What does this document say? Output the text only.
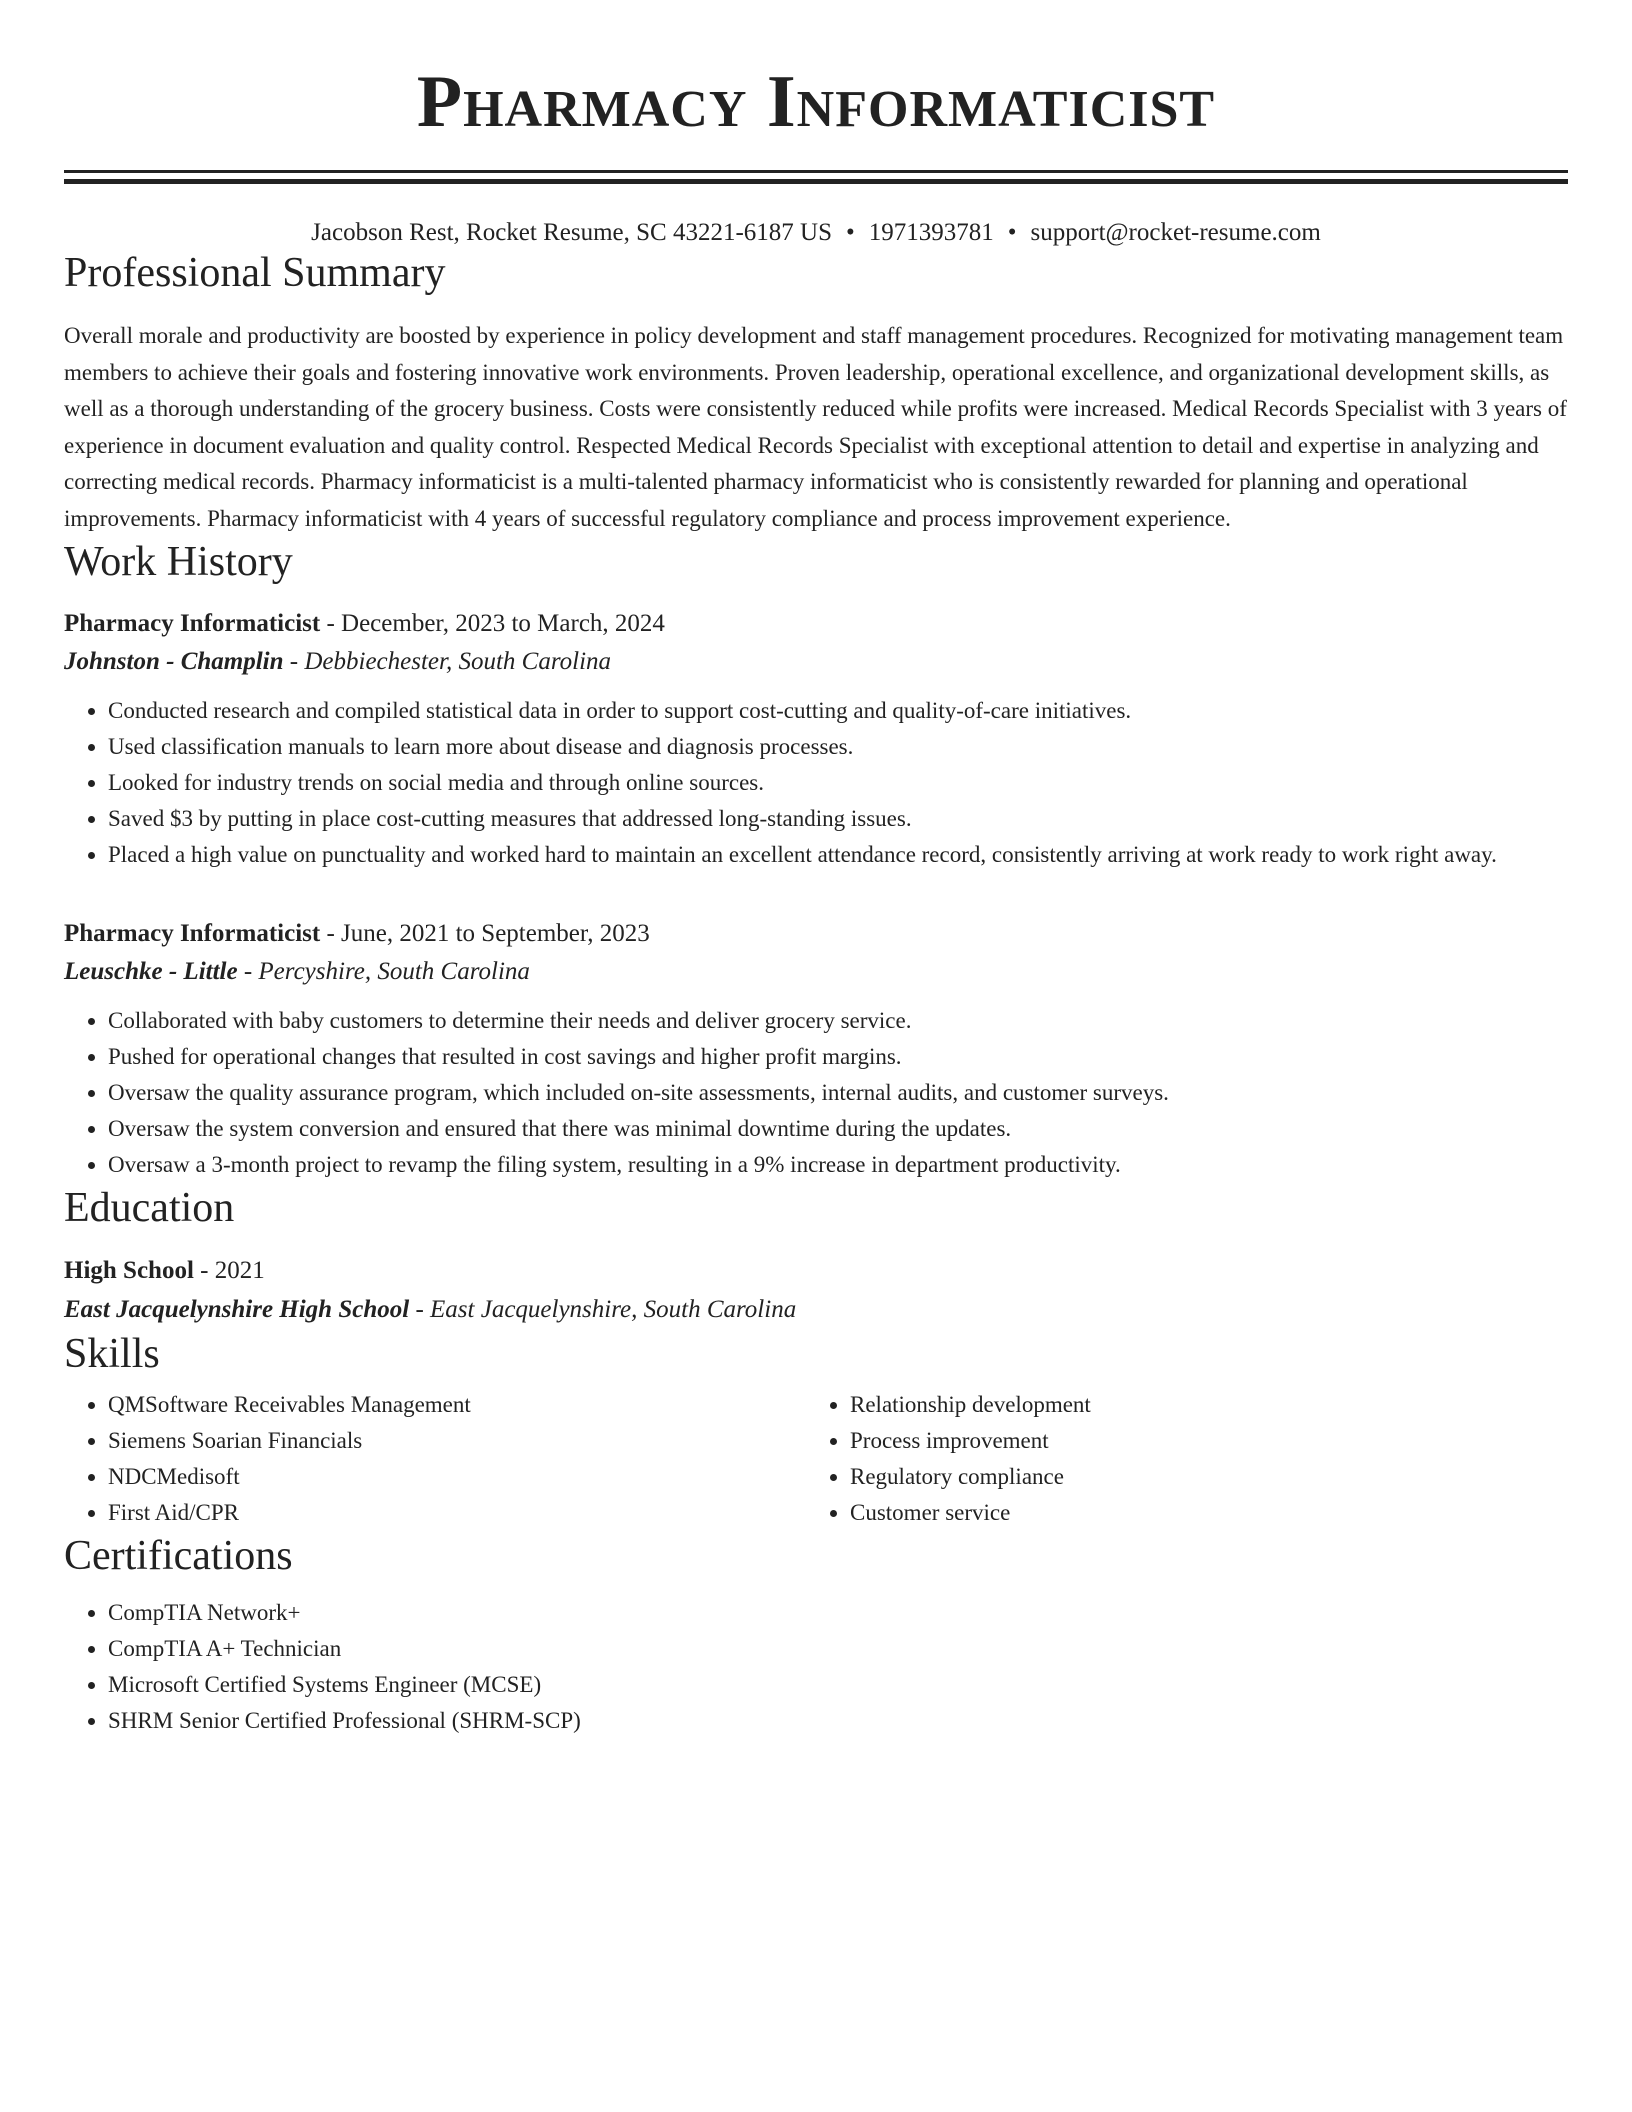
Pharmacy Informaticist
Jacobson Rest, Rocket Resume, SC 43221-6187 US • 1971393781 • support@rocket-resume.com
Professional Summary
Overall morale and productivity are boosted by experience in policy development and staff management procedures. Recognized for motivating management team members to achieve their goals and fostering innovative work environments. Proven leadership, operational excellence, and organizational development skills, as well as a thorough understanding of the grocery business. Costs were consistently reduced while profits were increased. Medical Records Specialist with 3 years of experience in document evaluation and quality control. Respected Medical Records Specialist with exceptional attention to detail and expertise in analyzing and correcting medical records. Pharmacy informaticist is a multi-talented pharmacy informaticist who is consistently rewarded for planning and operational improvements. Pharmacy informaticist with 4 years of successful regulatory compliance and process improvement experience.
Work History
Pharmacy Informaticist - December, 2023 to March, 2024
Johnston - Champlin - Debbiechester, South Carolina
• Conducted research and compiled statistical data in order to support cost-cutting and quality-of-care initiatives.
• Used classification manuals to learn more about disease and diagnosis processes.
• Looked for industry trends on social media and through online sources.
• Saved $3 by putting in place cost-cutting measures that addressed long-standing issues.
• Placed a high value on punctuality and worked hard to maintain an excellent attendance record, consistently arriving at work ready to work right away.
Pharmacy Informaticist - June, 2021 to September, 2023
Leuschke - Little - Percyshire, South Carolina
• Collaborated with baby customers to determine their needs and deliver grocery service.
• Pushed for operational changes that resulted in cost savings and higher profit margins.
• Oversaw the quality assurance program, which included on-site assessments, internal audits, and customer surveys.
• Oversaw the system conversion and ensured that there was minimal downtime during the updates.
• Oversaw a 3-month project to revamp the filing system, resulting in a 9% increase in department productivity.
Education
High School - 2021
East Jacquelynshire High School - East Jacquelynshire, South Carolina
Skills
• QMSoftware Receivables Management
• Siemens Soarian Financials
• NDCMedisoft
• First Aid/CPR
• Relationship development
• Process improvement
• Regulatory compliance
• Customer service
Certifications
• CompTIA Network+
• CompTIA A+ Technician
• Microsoft Certified Systems Engineer (MCSE)
• SHRM Senior Certified Professional (SHRM-SCP)
